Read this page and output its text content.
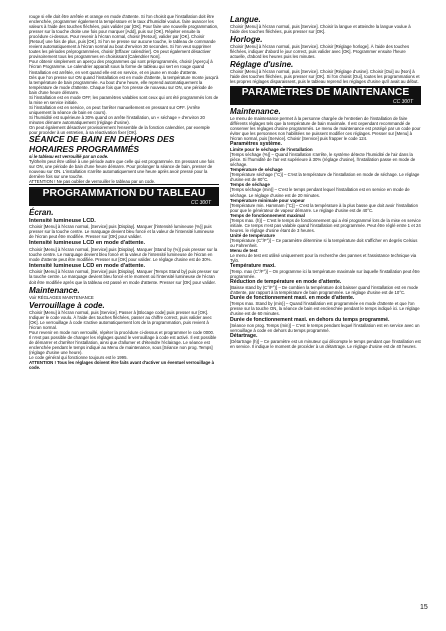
rouge si elle doit être arrêtée et orange en mode d'attente. Si l'on choisit que l'installation doit être enclenchée, programmer également la température et le taux d'humidité voulus. faire avancer les valeurs à l'aide des touches fléchées, puis valider par [OK]. Pour faire une nouvelle programmation, presser sur la touche droite une fois pour marquer [Add], puis sur [OK]. Répéter ensuite la procédure ci-dessus. Pour revenir à l'écran normal, choisir [Retour], valider par [OK]. Choisir [Retour] une fois de plus, puis [OK]. Si l'on ne presse sur aucune touche, le tableau de commande revient automatiquement à l'écran normal au bout d'environ 30 secondes. Si l'on veut supprimer toutes les périodes préprogrammées, choisir [Effacer calendrier]. On peut également désactiver provisoirement tous les programmes en choisissant [Calendrier Non].

Pour obtenir simplement un aperçu des programmes qui sont préprogrammés, choisir [Aperçu] à l'écran Programme. Le calendrier apparaît sous la forme de tableau qui sert en rouge quand l'installation est arrêtée, en vert quand elle est en service, et en jaune en mode d'attente.

Dès que l'on presse sur ON quand l'installation est en mode d'attente, la température monte jusqu'à la température de bain programmée. Au bout d'une heure, elle reprend automatiquement la température de mode d'attente. Chaque fois que l'on presse de nouveau sur ON, une période de bain d'une heure démarre.

Si l'installation est en mode OFF, les paramètres valables sont ceux qui ont été programmés lors de la mise en service initiale.

Si l'installation est en service, on peut l'arrêter manuellement en pressant sur OFF. (Arrête uniquement la séance de bain en cours).

Si l'humidité est supérieure à 30% quand on arrête l'installation, un « séchage » d'environ 20 minutes démarre automatiquement (réglage d'usine).

On peut également désactiver provisoirement l'ensemble de la fonction calendrier, par exemple pour procéder à un entretien, à sa réactivation fixer [OK].

SÉANCE DE BAIN EN DEHORS DES HORAIRES PROGRAMMÉS

si le tableau est verrouillé par un code.

Tylöhelm peut être utilisé à une période autre que celle qui est programmée. En pressant une fois sur ON, une période de bain d'une heure démarre. Pour prolonger la séance de bain, presser de nouveau sur ON. L'installation s'arrête automatiquement une heure après avoir pressé pour la dernière fois sur une touche.

ATTENTION ! Ne pas oublier de verrouiller le tableau par un code.

PROGRAMMATION DU TABLEAU
CC 300T

Écran.

Intensité lumineuse LCD.

Choisir [Menu] à l'écran normal, [Service] puis [Display]. Marquer [l'intensité lumineuse (%)] puis presser sur la touche centre. Le marquage devient bleu foncé et la valeur de l'intensité lumineuse de l'écran peut être modifiée. Presser sur [OK] pour valider.

Intensité lumineuse LCD en mode d'attente.

Choisir [Menu] à l'écran normal, [Service] puis [Display]. Marquer [Stand by (%)] puis presser sur la touche centre. Le marquage devient bleu foncé et la valeur de l'intensité lumineuse de l'écran en mode d'attente peut être modifiée. Presser sur [OK] pour valider. Le réglage d'usine est de 30%.

Intensité lumineuse LCD en mode d'attente.

Choisir [Menu] à l'écran normal, [Service] puis [Display]. Marquer [Temps Stand by] puis presser sur la touche centre. Le marquage devient bleu foncé et le moment où l'intensité lumineuse de l'écran doit être modifiée après que la tableau est passé en mode d'attente. Presser sur [OK] pour valider.

Maintenance.

Voir RÉGLAGES MAINTENANCE

Verrouillage à code.

Choisir [Menu] à l'écran normal, puis [Service]. Passer à [Blocage code] puis presser sur [OK]. Indiquer le code voulu. À l'aide des touches fléchées, passer au chiffre correct, puis valider avec [OK]. Le verrouillage à code s'active automatiquement lors de la programmation, puis revient à l'écran normal.

Pour revenir en mode non verrouillé, répéter la procédure ci-dessus et programmer le code 0000.

Il n'est pas possible de changer les réglages quand le verrouillage à code est activé. Il est possible de démarrer et d'arrêter l'installation, ainsi que d'allumer et d'éteindre l'éclairage. Le séance est enclenchée pendant le temps indiqué au Menu de maintenance, sous [Séance non prog. Temps] (réglage d'usine une heure).

Le code général qui fonctionne toujours est le 1995.

ATTENTION ! Tous les réglages doivent être faits avant d'activer un éventuel verrouillage à code.

Langue.

Choisir [Menu] à l'écran normal, puis [Service]. Choisir la langue et atteindre la langue voulue à l'aide des touches fléchées, puis presser sur [OK].

Horloge.

Choisir [Menu] à l'écran normal, puis [Service]. Choisir [Réglage horloge]. À l'aide des touches fléchées, indiquer d'abord le jour correct, puis valider avec [OK]. Programmer ensuite l'heure actuelle, d'abord les heures puis les minutes.

Réglage d'usine.

Choisir [Menu] à l'écran normal, puis [Service]. Choisir [Réglage d'usine]. Choisir [Oui] ou [Non] à l'aide des touches fléchées, puis presser sur [OK]. Si l'on choisit [Oui], toutes les programmations et les propres réglages disparaissent, puis le tableau reprend les réglages d'usine qu'il avait au début.

PARAMÈTRES DE MAINTENANCE
CC 300T

Maintenance.

Le menu de maintenance permet à la personne chargée de l'entretien de l'installation de faire différents réglages tels que la température de bain maximale. Il est cependant recommandé de conserver les réglages d'usine programmés. Le menu de maintenance est protégé par un code pour éviter que les personnes non habilitées ne puissent modifier ces réglages. Presser sur [Menu] à l'écran normal, puis [Service]. Choisir [Service] puis frapper le code 124.

Paramètres système.

Limite pour le séchage de l'installation

[Temps séchage (%)] – Quand l'installation s'arrête, le système détecte l'humidité de l'air dans la pièce. Si l'humidité de l'air est supérieure à 30% (réglage d'usine), l'installation passe en mode de séchage.

Température de séchage

[Température séchage (°C)] – C'est la température de l'installation en mode de séchage. Le réglage d'usine est de 80°C.

Temps de séchage

[Temps séchage (min)] – C'est le temps pendant lequel l'installation est en service en mode de séchage. Le réglage d'usine est de 20 minutes.

Température minimale pour vapeur

[Température min. Hammam (°C)] – C'est la température à la plus basse que doit avoir l'installation pour que le générateur de vapeur démarre. Le réglage d'usine est de 40°C.

Temps de fonctionnement maximal

[Temps max. (h)] – C'est le temps de fonctionnement qui a été programmé lors de la mise en service initiale. Ce temps n'est pas valable quand l'installation est programmée. Peut être réglé entre 1 et 24 heures. le réglage d'usine étant de 3 heures.

Unité de température

[Température (C°/F°)] – Ce paramètre détermine si la température doit s'afficher en degrés Celsius ou Fahrenheit.

Menu de test

Le menu de test est utilisé uniquement pour la recherche des pannes et l'assistance technique via Tylö.

Température maxi.

[Temp. max (C°/F°)] – On programme ici la température maximale sur laquelle l'installation peut être programmée.

Réduction de température en mode d'attente.

[Baisse stand by (C°/F°)] – De combien la température doit baisser quand l'installation est en mode d'attente, par rapport à la température de bain programmée. Le réglage d'usine est de 10°C.

Durée de fonctionnement maxi. en mode d'attente.

[Temps max. Stand by (min)] – Quand l'installation est programmée en mode d'attente et que l'on presse sur la touche ON, la séance de bain est enclenchée pendant le temps indiqué ici. Le réglage d'usine est de 60 minutes.

Durée de fonctionnement maxi. en dehors du temps programmé.

[Séance non prog. Temps (min)] – C'est le temps pendant lequel l'installation est en service avec un verrouillage à code en dehors du temps programmé.

Détartrage.

[Détartrage (h)] – Ce paramètre est un minuteur qui décompte le temps pendant que l'installation est en service. Il indique le moment de procéder à un détartrage. Le réglage d'usine est de 40 heures.

15
